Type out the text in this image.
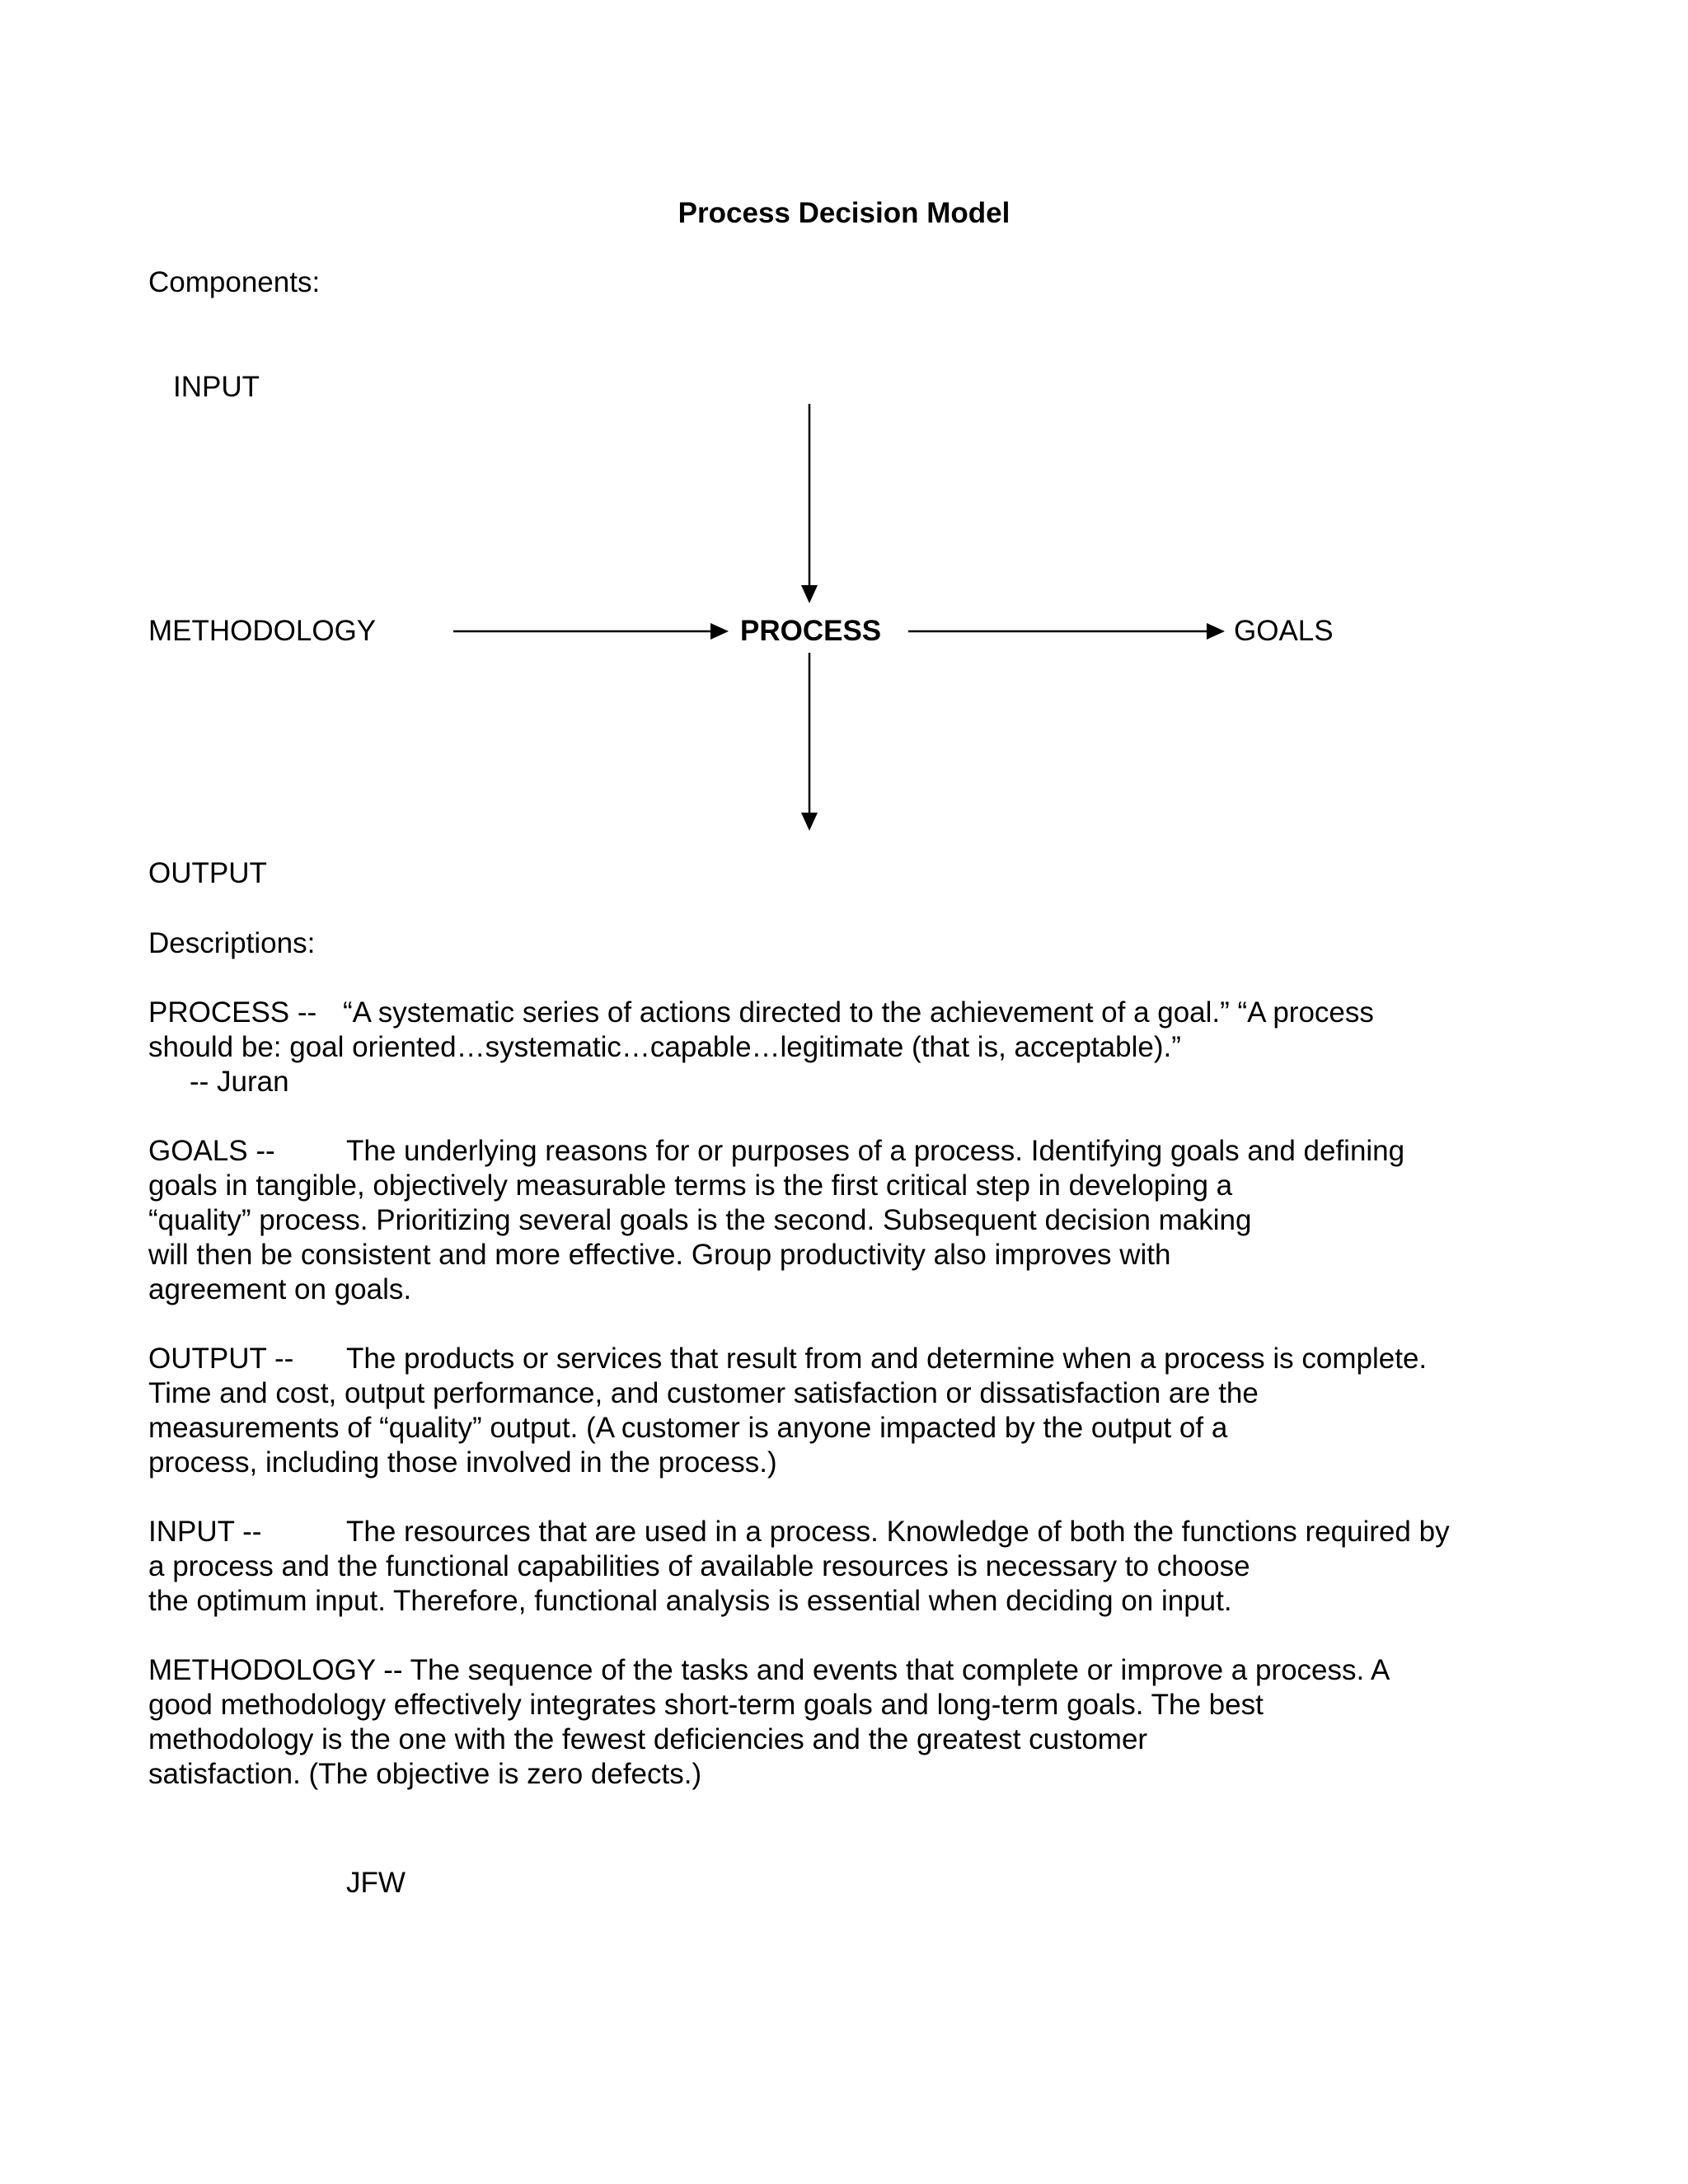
Process Decision Model
Components:
INPUT
METHODOLOGY	PROCESS	GOALS
OUTPUT
Descriptions:
PROCESS -- “A systematic series of actions directed to the achievement of a goal.” “A process
should be: goal oriented…systematic…capable…legitimate (that is, acceptable).”
-- Juran
GOALS -- The underlying reasons for or purposes of a process. Identifying goals and defining
goals in tangible, objectively measurable terms is the first critical step in developing a
“quality” process. Prioritizing several goals is the second. Subsequent decision making
will then be consistent and more effective. Group productivity also improves with
agreement on goals.
OUTPUT -- The products or services that result from and determine when a process is complete.
Time and cost, output performance, and customer satisfaction or dissatisfaction are the
measurements of “quality” output. (A customer is anyone impacted by the output of a
process, including those involved in the process.)
INPUT --	The resources that are used in a process. Knowledge of both the functions required by
a process and the functional capabilities of available resources is necessary to choose
the optimum input. Therefore, functional analysis is essential when deciding on input.
METHODOLOGY -- The sequence of the tasks and events that complete or improve a process. A
good methodology effectively integrates short-term goals and long-term goals. The best
methodology is the one with the fewest deficiencies and the greatest customer
satisfaction. (The objective is zero defects.)
JFW
